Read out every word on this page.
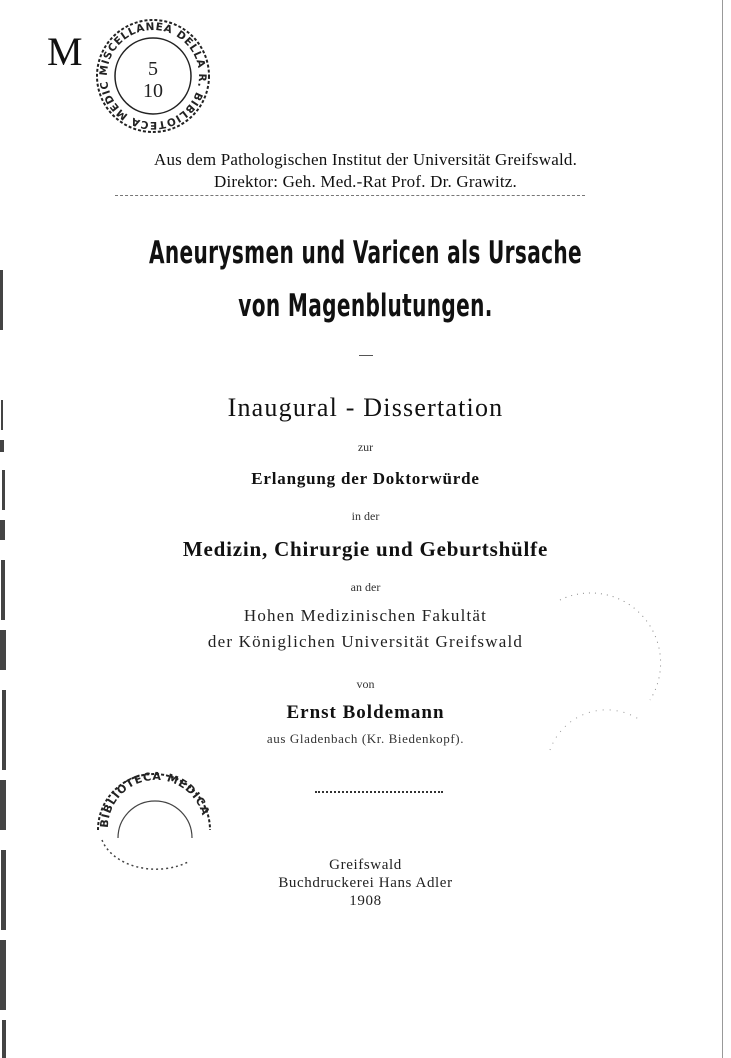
M	MISCELLANEA DELLA R. BIBLIOTECA MEDIC
5
10
Aus dem Pathologischen Institut der Universität Greifswald.
Direktor: Geh. Med.-Rat Prof. Dr. Grawitz.
Aneurysmen und Varicen als Ursache
von Magenblutungen.
Inaugural - Dissertation
zur
Erlangung der Doktorwürde
in der
Medizin, Chirurgie und Geburtshülfe
an der
Hohen Medizinischen Fakultät
der Königlichen Universität Greifswald
von
Ernst Boldemann
aus Gladenbach (Kr. Biedenkopf).
BIBLIOTECA MEDICA
Greifswald
Buchdruckerei Hans Adler
1908
